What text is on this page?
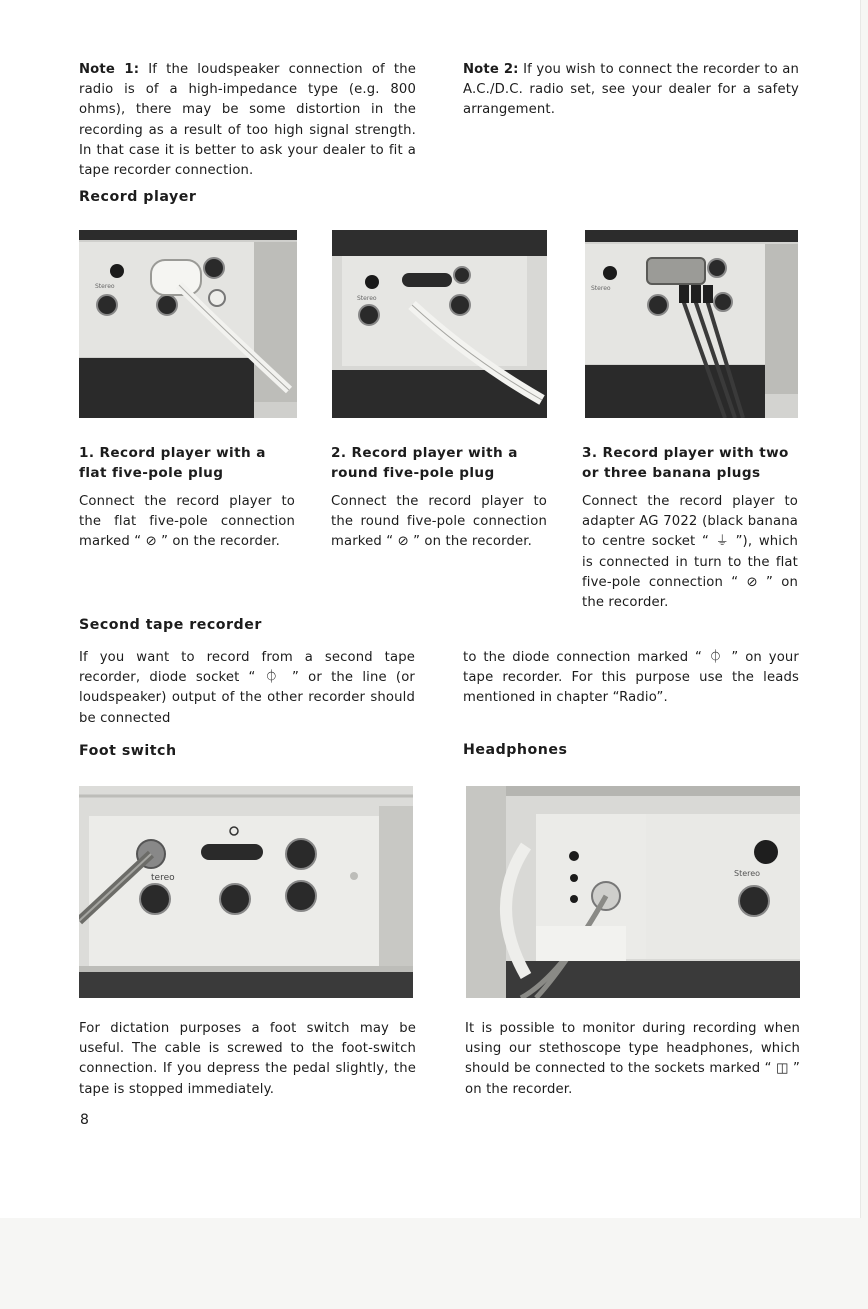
Note 1: If the loudspeaker connection of the radio is of a high-impedance type (e.g. 800 ohms), there may be some distortion in the recording as a result of too high signal strength. In that case it is better to ask your dealer to fit a tape recorder connection.
Note 2: If you wish to connect the recorder to an A.C./D.C. radio set, see your dealer for a safety arrangement.
Record player
Stereo
Stereo
Stereo
1. Record player with a flat five-pole plug
Connect the record player to the flat five-pole connection marked “ ⊘ ” on the recorder.
2. Record player with a round five-pole plug
Connect the record player to the round five-pole connection marked “ ⊘ ” on the recorder.
3. Record player with two or three banana plugs
Connect the record player to adapter AG 7022 (black banana to centre socket “ ⏚ ”), which is connected in turn to the flat five-pole connection “ ⊘ ” on the recorder.
Second tape recorder
If you want to record from a second tape recorder, diode socket “ ⏀ ” or the line (or loudspeaker) output of the other recorder should be connected
to the diode connection marked “ ⏀ ” on your tape recorder. For this purpose use the leads mentioned in chapter “Radio”.
Foot switch
tereo
For dictation purposes a foot switch may be useful. The cable is screwed to the foot-switch connection. If you depress the pedal slightly, the tape is stopped immediately.
Headphones
Stereo
It is possible to monitor during recording when using our stethoscope type headphones, which should be connected to the sockets marked “ ◫ ” on the recorder.
8
